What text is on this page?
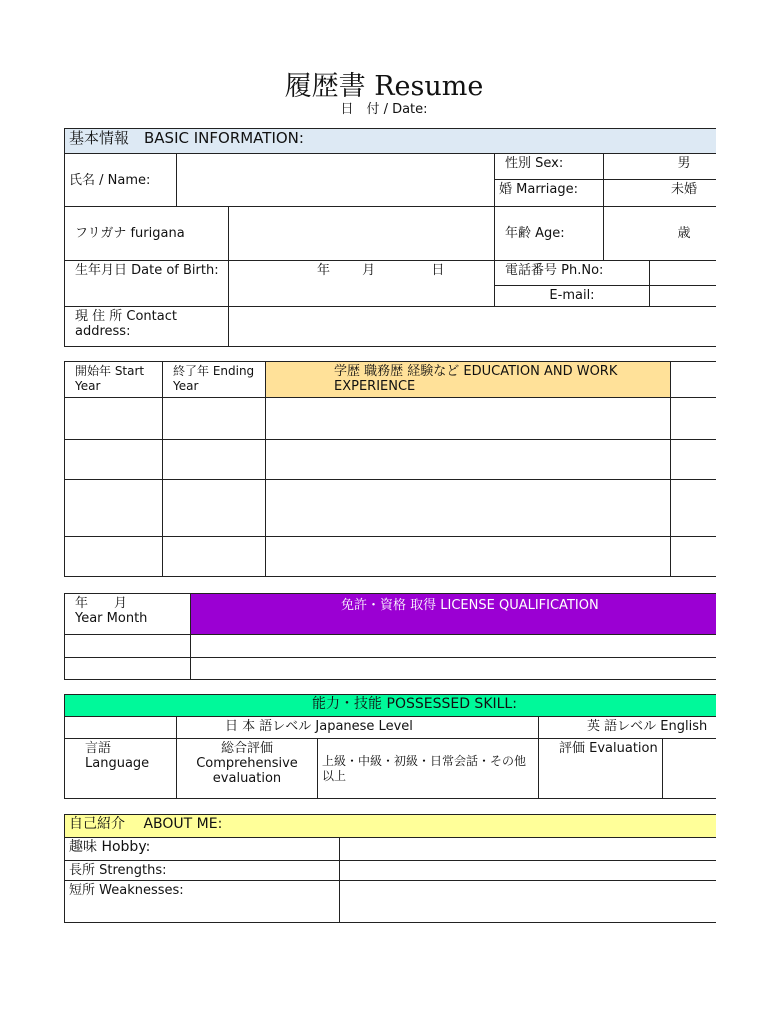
履歴書 Resume
日　付 / Date:
基本情報　BASIC INFORMATION:					
氏名 / Name:			性別 Sex:	男	
			婚 Marriage:	未婚	
フリガナ furigana			年齢 Age:	歳	
生年月日 Date of Birth:		年 月 日	電話番号 Ph.No:		
			E-mail:		
現 住 所 Contact address:					
開始年 Start Year	終了年 Ending Year	学歴 職務歴 経験など EDUCATION AND WORK EXPERIENCE	

年　　月
Year Month	免許・資格 取得 LICENSE QUALIFICATION

能力・技能 POSSESSED SKILL:				
	日 本 語レベル Japanese Level		英 語レベル English	
言語 Language	総合評価 Comprehensive evaluation	上級・中級・初級・日常会話・その他 以上	評価 Evaluation	
自己紹介　 ABOUT ME:	
趣味 Hobby:	
長所 Strengths:	
短所 Weaknesses:	
